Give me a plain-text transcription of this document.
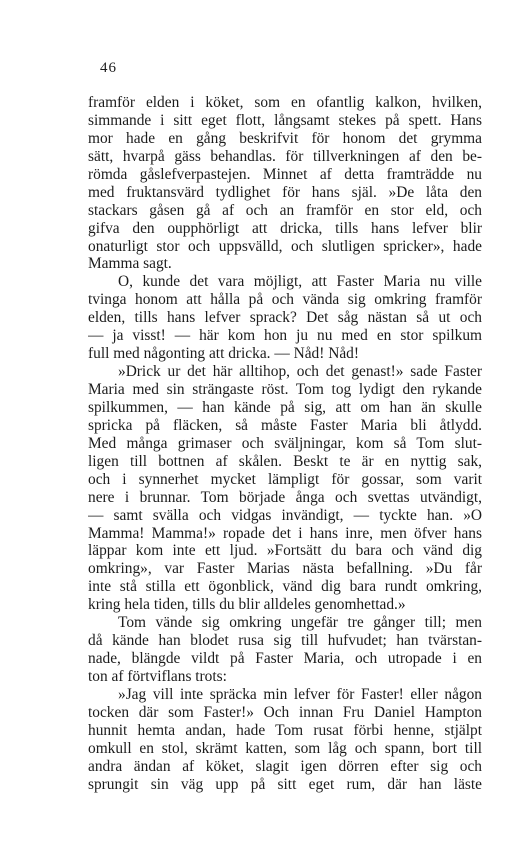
46
framför elden i köket, som en ofantlig kalkon, hvilken,
simmande i sitt eget flott, långsamt stekes på spett. Hans
mor hade en gång beskrifvit för honom det grymma
sätt, hvarpå gäss behandlas. för tillverkningen af den be-
römda gåslefverpastejen. Minnet af detta framträdde nu
med fruktansvärd tydlighet för hans själ. »De låta den
stackars gåsen gå af och an framför en stor eld, och
gifva den oupphörligt att dricka, tills hans lefver blir
onaturligt stor och uppsvälld, och slutligen spricker», hade
Mamma sagt.
O, kunde det vara möjligt, att Faster Maria nu ville
tvinga honom att hålla på och vända sig omkring framför
elden, tills hans lefver sprack? Det såg nästan så ut och
— ja visst! — här kom hon ju nu med en stor spilkum
full med någonting att dricka. — Nåd! Nåd!
»Drick ur det här alltihop, och det genast!» sade Faster
Maria med sin strängaste röst. Tom tog lydigt den rykande
spilkummen, — han kände på sig, att om han än skulle
spricka på fläcken, så måste Faster Maria bli åtlydd.
Med många grimaser och sväljningar, kom så Tom slut-
ligen till bottnen af skålen. Beskt te är en nyttig sak,
och i synnerhet mycket lämpligt för gossar, som varit
nere i brunnar. Tom började ånga och svettas utvändigt,
— samt svälla och vidgas invändigt, — tyckte han. »O
Mamma! Mamma!» ropade det i hans inre, men öfver hans
läppar kom inte ett ljud. »Fortsätt du bara och vänd dig
omkring», var Faster Marias nästa befallning. »Du får
inte stå stilla ett ögonblick, vänd dig bara rundt omkring,
kring hela tiden, tills du blir alldeles genomhettad.»
Tom vände sig omkring ungefär tre gånger till; men
då kände han blodet rusa sig till hufvudet; han tvärstan-
nade, blängde vildt på Faster Maria, och utropade i en
ton af förtviflans trots:
»Jag vill inte spräcka min lefver för Faster! eller någon
tocken där som Faster!» Och innan Fru Daniel Hampton
hunnit hemta andan, hade Tom rusat förbi henne, stjälpt
omkull en stol, skrämt katten, som låg och spann, bort till
andra ändan af köket, slagit igen dörren efter sig och
sprungit sin väg upp på sitt eget rum, där han läste
